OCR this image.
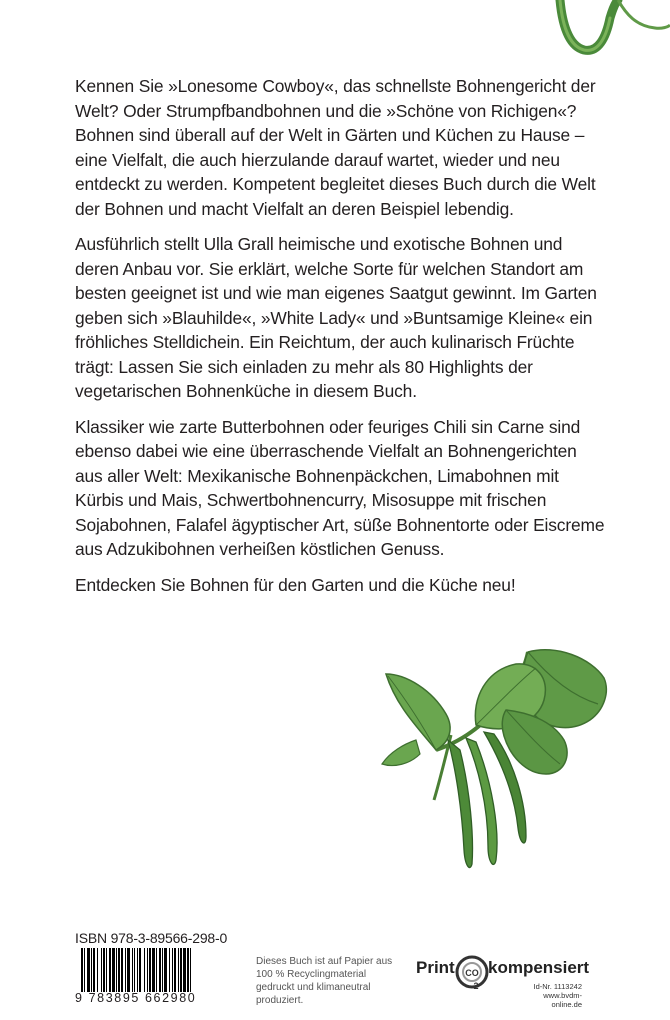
Kennen Sie »Lonesome Cowboy«, das schnellste Bohnengericht der Welt? Oder Strumpfbandbohnen und die »Schöne von Richigen«? Bohnen sind überall auf der Welt in Gärten und Küchen zu Hause – eine Vielfalt, die auch hierzulande darauf wartet, wieder und neu entdeckt zu werden. Kompetent begleitet dieses Buch durch die Welt der Bohnen und macht Vielfalt an deren Beispiel lebendig.

Ausführlich stellt Ulla Grall heimische und exotische Bohnen und deren Anbau vor. Sie erklärt, welche Sorte für welchen Standort am besten geeignet ist und wie man eigenes Saatgut gewinnt. Im Garten geben sich »Blauhilde«, »White Lady« und »Buntsamige Kleine« ein fröhliches Stelldichein. Ein Reichtum, der auch kulinarisch Früchte trägt: Lassen Sie sich einladen zu mehr als 80 Highlights der vegetarischen Bohnenküche in diesem Buch.

Klassiker wie zarte Butterbohnen oder feuriges Chili sin Carne sind ebenso dabei wie eine überraschende Vielfalt an Bohnengerichten aus aller Welt: Mexikanische Bohnenpäckchen, Limabohnen mit Kürbis und Mais, Schwertbohnencurry, Misosuppe mit frischen Sojabohnen, Falafel ägyptischer Art, süße Bohnentorte oder Eiscreme aus Adzukibohnen verheißen köstlichen Genuss.

Entdecken Sie Bohnen für den Garten und die Küche neu!

ISBN 978-3-89566-298-0
9 783895 662980
Dieses Buch ist auf Papier aus 100 % Recyclingmaterial gedruckt und klimaneutral produziert.
Print CO
2
kompensiert
Id-Nr. 1113242
www.bvdm-online.de
